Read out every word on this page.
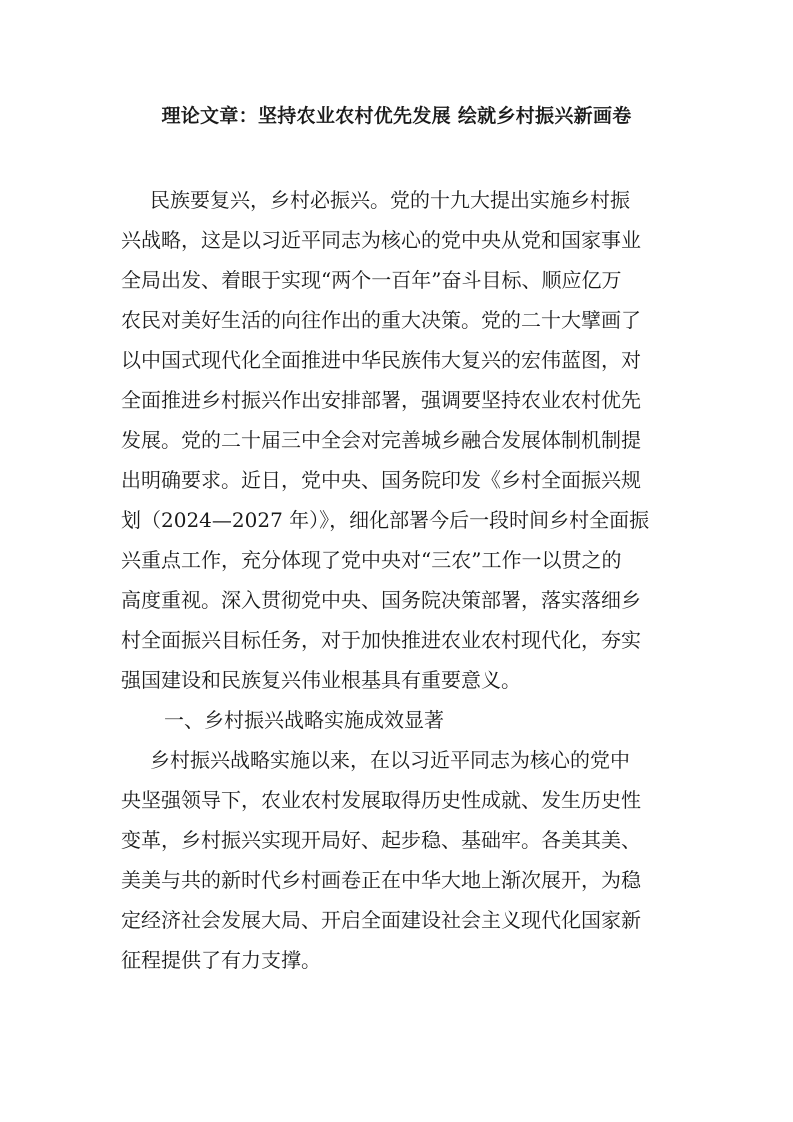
理论文章：坚持农业农村优先发展 绘就乡村振兴新画卷
民族要复兴，乡村必振兴。党的十九大提出实施乡村振
兴战略，这是以习近平同志为核心的党中央从党和国家事业
全局出发、着眼于实现“两个一百年”奋斗目标、顺应亿万
农民对美好生活的向往作出的重大决策。党的二十大擘画了
以中国式现代化全面推进中华民族伟大复兴的宏伟蓝图，对
全面推进乡村振兴作出安排部署，强调要坚持农业农村优先
发展。党的二十届三中全会对完善城乡融合发展体制机制提
出明确要求。近日，党中央、国务院印发《乡村全面振兴规
划（2024—2027 年）》，细化部署今后一段时间乡村全面振
兴重点工作，充分体现了党中央对“三农”工作一以贯之的
高度重视。深入贯彻党中央、国务院决策部署，落实落细乡
村全面振兴目标任务，对于加快推进农业农村现代化，夯实
强国建设和民族复兴伟业根基具有重要意义。
一、乡村振兴战略实施成效显著
乡村振兴战略实施以来，在以习近平同志为核心的党中
央坚强领导下，农业农村发展取得历史性成就、发生历史性
变革，乡村振兴实现开局好、起步稳、基础牢。各美其美、
美美与共的新时代乡村画卷正在中华大地上渐次展开，为稳
定经济社会发展大局、开启全面建设社会主义现代化国家新
征程提供了有力支撑。
